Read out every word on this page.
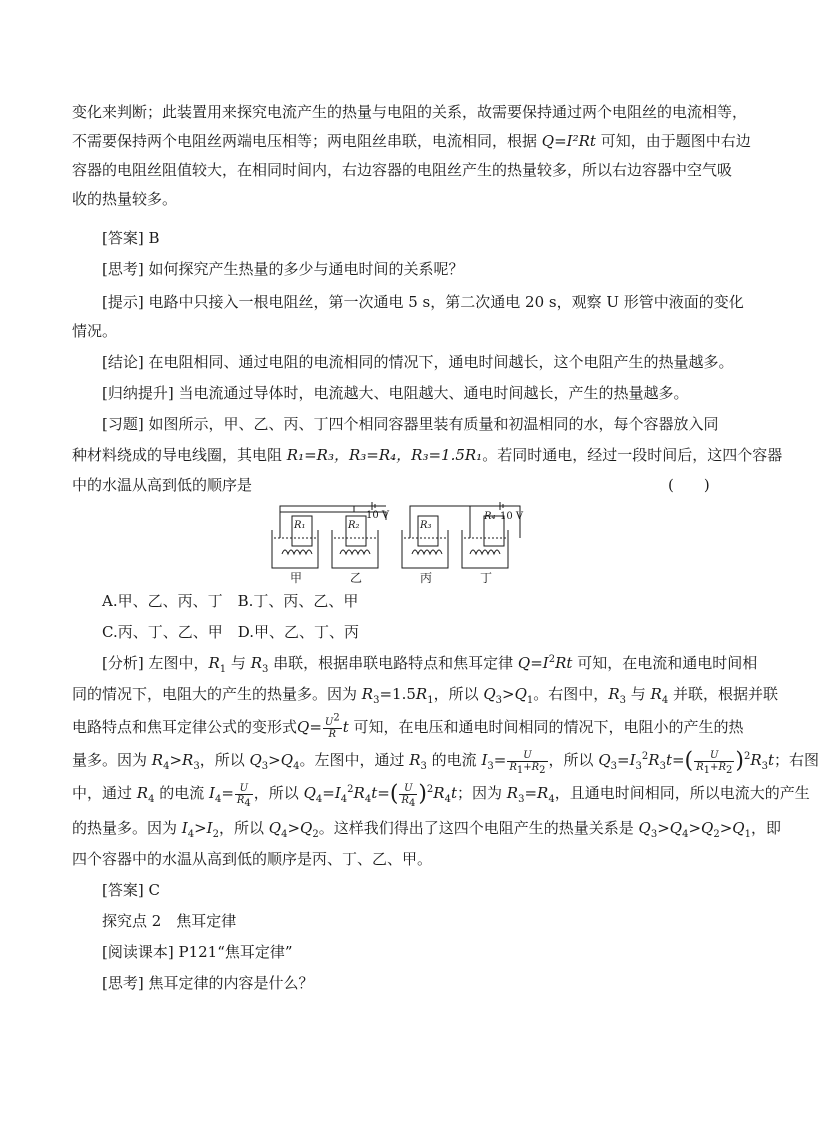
变化来判断；此装置用来探究电流产生的热量与电阻的关系，故需要保持通过两个电阻丝的电流相等，
不需要保持两个电阻丝两端电压相等；两电阻丝串联，电流相同，根据 Q=I²Rt 可知，由于题图中右边
容器的电阻丝阻值较大，在相同时间内，右边容器的电阻丝产生的热量较多，所以右边容器中空气吸
收的热量较多。
[答案] B
[思考] 如何探究产生热量的多少与通电时间的关系呢？
[提示] 电路中只接入一根电阻丝，第一次通电 5 s，第二次通电 20 s，观察 U 形管中液面的变化
情况。
[结论] 在电阻相同、通过电阻的电流相同的情况下，通电时间越长，这个电阻产生的热量越多。
[归纳提升] 当电流通过导体时，电流越大、电阻越大、通电时间越长，产生的热量越多。
[习题] 如图所示，甲、乙、丙、丁四个相同容器里装有质量和初温相同的水，每个容器放入同
种材料绕成的导电线圈，其电阻 R₁=R₃，R₃=R₄，R₃=1.5R₁。若同时通电，经过一段时间后，这四个容器
中的水温从高到低的顺序是	(　　)
R₁	R₂	R₃
R₄
10 V	10 V
甲	乙	丙	丁
A.甲、乙、丙、丁　 B.丁、丙、乙、甲
C.丙、丁、乙、甲　 D.甲、乙、丁、丙
[分析] 左图中，$R_1$ 与 $R_3$ 串联，根据串联电路特点和焦耳定律 $Q=I^2Rt$ 可知，在电流和通电时间相
同的情况下，电阻大的产生的热量多。因为 $R_3=1.5R_1$，所以 $Q_3>Q_1$。右图中，$R_3$ 与 $R_4$ 并联，根据并联
电路特点和焦耳定律公式的变形式$Q= \frac{U^2}{R}$ t 可知，在电压和通电时间相同的情况下，电阻小的产生的热
量多。因为 $R_4>R_3$，所以 $Q_3>Q_4$。左图中，通过 $R_3$ 的电流 $I_3= \frac{U}{R_1+R_2}$ ，所以 $Q_3=I_3^2R_3t=( \frac{U}{R_1+R_2} )^2R_3t$；右图
中，通过 $R_4$ 的电流 $I_4= \frac{U}{R_4}$ ，所以 $Q_4=I_4^2R_4t=( \frac{U}{R_4} )^2R_4t$；因为 $R_3=R_4$，且通电时间相同，所以电流大的产生
的热量多。因为 $I_4>I_2$，所以 $Q_4>Q_2$。这样我们得出了这四个电阻产生的热量关系是 $Q_3>Q_4>Q_2>Q_1$，即
四个容器中的水温从高到低的顺序是丙、丁、乙、甲。
[答案] C
探究点 2　焦耳定律
[阅读课本] P121“焦耳定律”
[思考] 焦耳定律的内容是什么？
